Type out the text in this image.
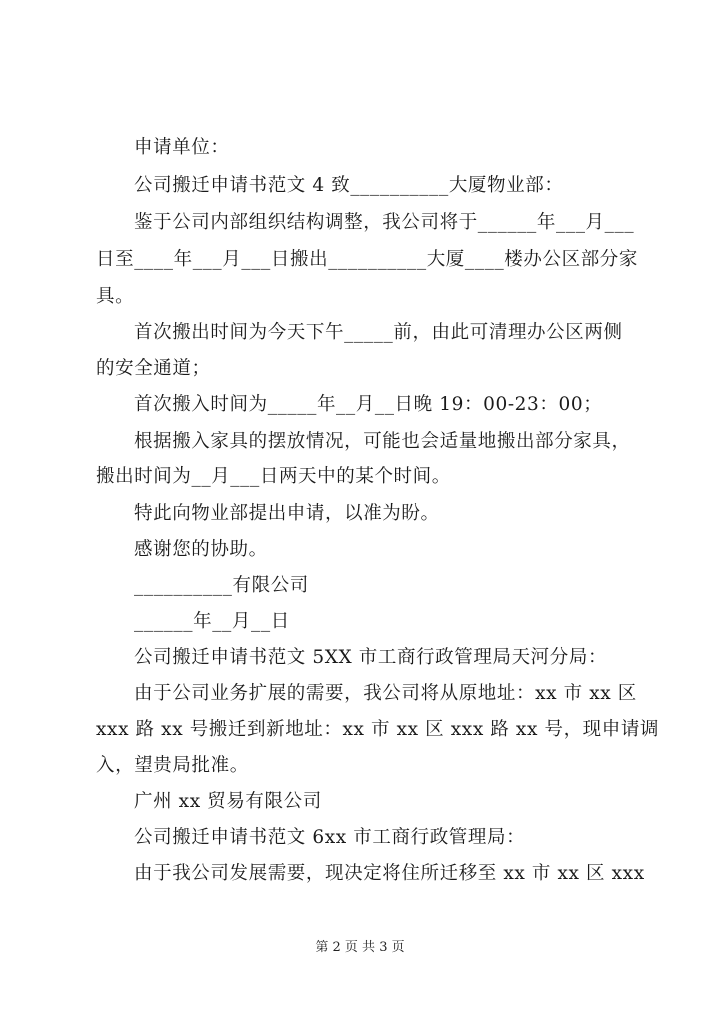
申请单位：
公司搬迁申请书范文 4 致__________大厦物业部：
鉴于公司内部组织结构调整，我公司将于______年___月___
日至____年___月___日搬出__________大厦____楼办公区部分家
具。
首次搬出时间为今天下午_____前，由此可清理办公区两侧
的安全通道；
首次搬入时间为_____年__月__日晚 19：00-23：00；
根据搬入家具的摆放情况，可能也会适量地搬出部分家具，
搬出时间为__月___日两天中的某个时间。
特此向物业部提出申请，以准为盼。
感谢您的协助。
__________有限公司
______年__月__日
公司搬迁申请书范文 5XX 市工商行政管理局天河分局：
由于公司业务扩展的需要，我公司将从原地址：xx 市 xx 区
xxx 路 xx 号搬迁到新地址：xx 市 xx 区 xxx 路 xx 号，现申请调
入，望贵局批准。
广州 xx 贸易有限公司
公司搬迁申请书范文 6xx 市工商行政管理局：
由于我公司发展需要，现决定将住所迁移至 xx 市 xx 区 xxx
第 2 页 共 3 页
